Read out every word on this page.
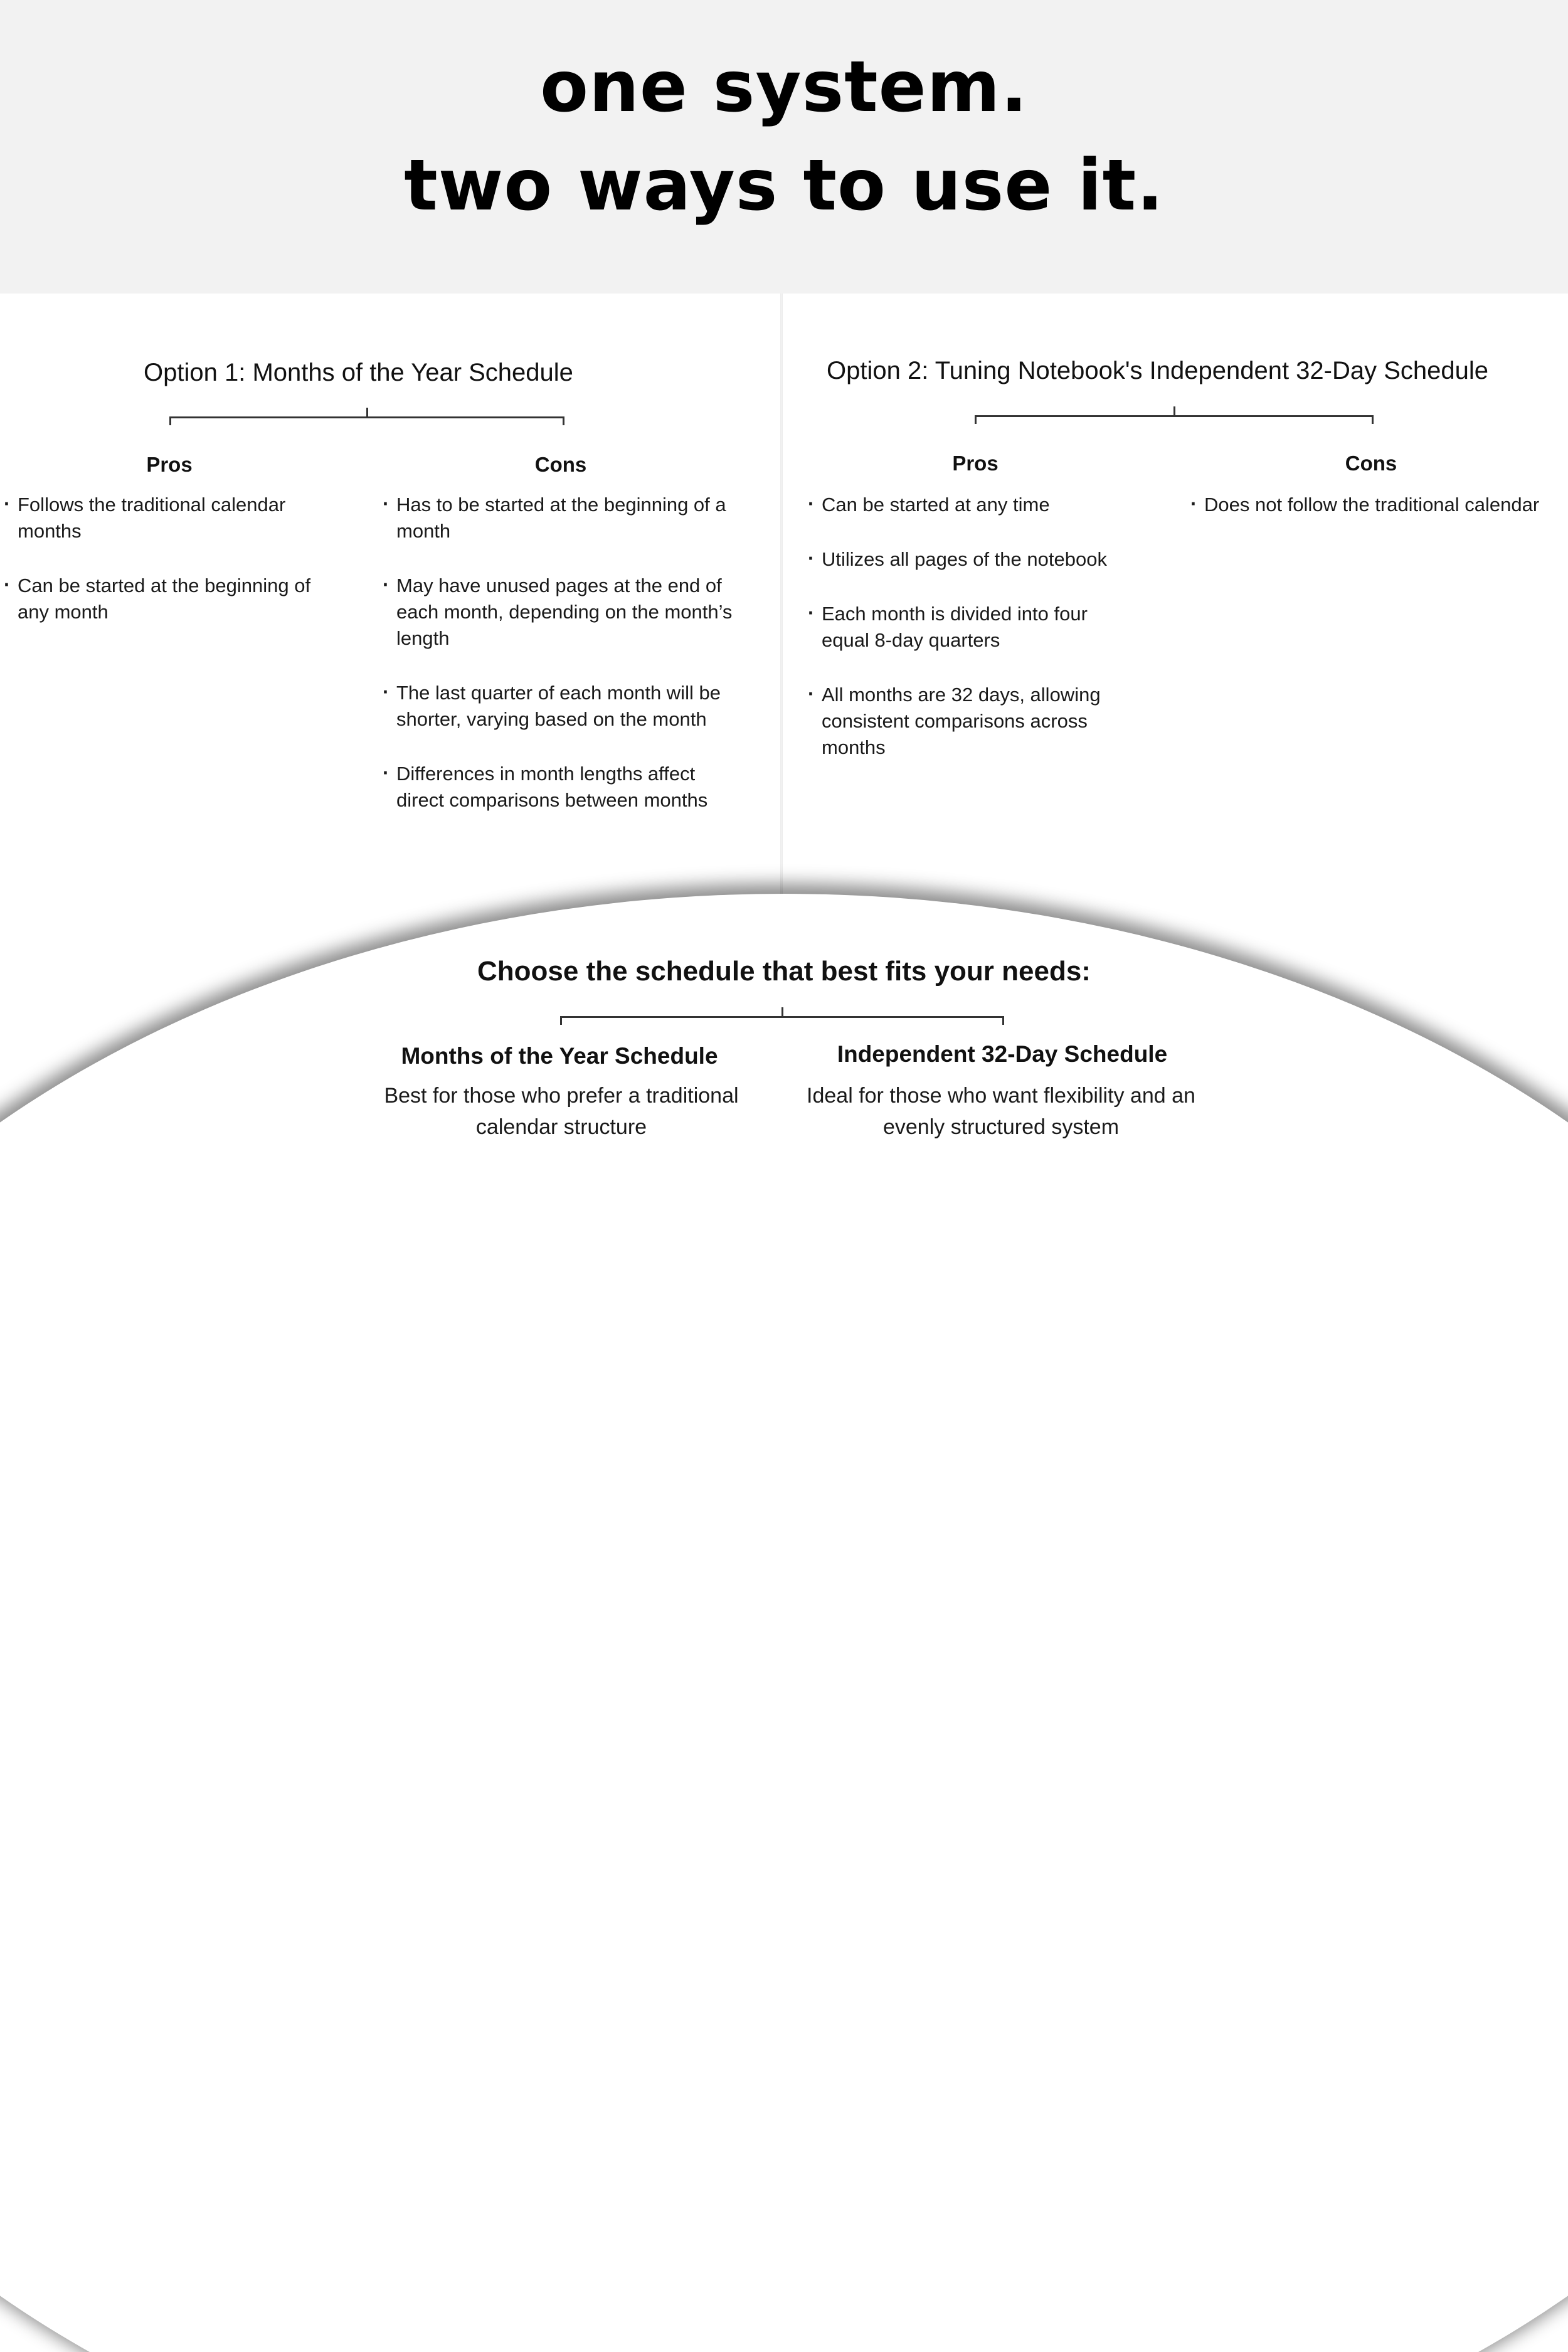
one system.
two ways to use it.
Option 1: Months of the Year Schedule
Pros	Cons
· Follows the traditional calendar months
· Can be started at the beginning of any month
· Has to be started at the beginning of a month
· May have unused pages at the end of each month, depending on the month’s length
· The last quarter of each month will be shorter, varying based on the month
· Differences in month lengths affect direct comparisons between months
Option 2: Tuning Notebook's Independent 32-Day Schedule
Pros	Cons
· Can be started at any time
· Utilizes all pages of the notebook
· Each month is divided into four equal 8-day quarters
· All months are 32 days, allowing consistent comparisons across months
· Does not follow the traditional calendar
Choose the schedule that best fits your needs:
Months of the Year Schedule

Best for those who prefer a traditional calendar structure

Independent 32-Day Schedule

Ideal for those who want flexibility and an evenly structured system
